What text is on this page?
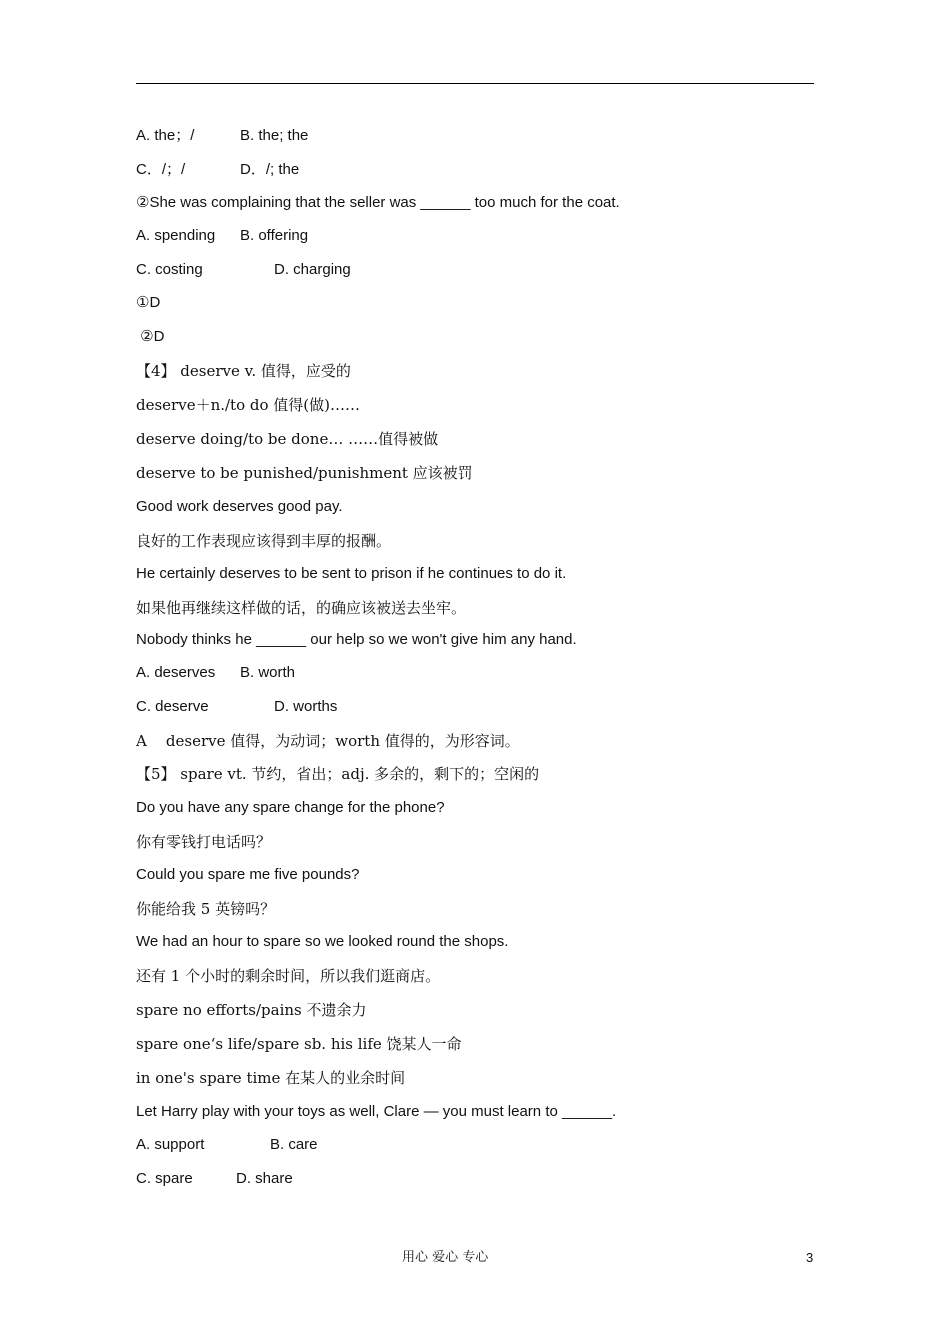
A. the；/	B. the; the
C．/；/	D．/; the
②She was complaining that the seller was ______ too much for the coat.
A. spending B. offering
C. costing	D. charging
①D
②D
【4】 deserve v. 值得，应受的
deserve＋n./to do 值得(做)……
deserve doing/to be done… ……值得被做
deserve to be punished/punishment 应该被罚
Good work deserves good pay.
良好的工作表现应该得到丰厚的报酬。
He certainly deserves to be sent to prison if he continues to do it.
如果他再继续这样做的话，的确应该被送去坐牢。
Nobody thinks he ______ our help so we won't give him any hand.
A. deserves B. worth
C. deserve	D. worths
A    deserve 值得，为动词；worth 值得的，为形容词。
【5】 spare vt. 节约，省出；adj. 多余的，剩下的；空闲的
Do you have any spare change for the phone?
你有零钱打电话吗？
Could you spare me five pounds?
你能给我 5 英镑吗？
We had an hour to spare so we looked round the shops.
还有 1 个小时的剩余时间，所以我们逛商店。
spare no efforts/pains 不遗余力
spare one‘s life/spare sb. his life 饶某人一命
in one's spare time 在某人的业余时间
Let Harry play with your toys as well, Clare — you must learn to ______.
A. support	B. care
C. spare	D. share
用心 爱心 专心	3
